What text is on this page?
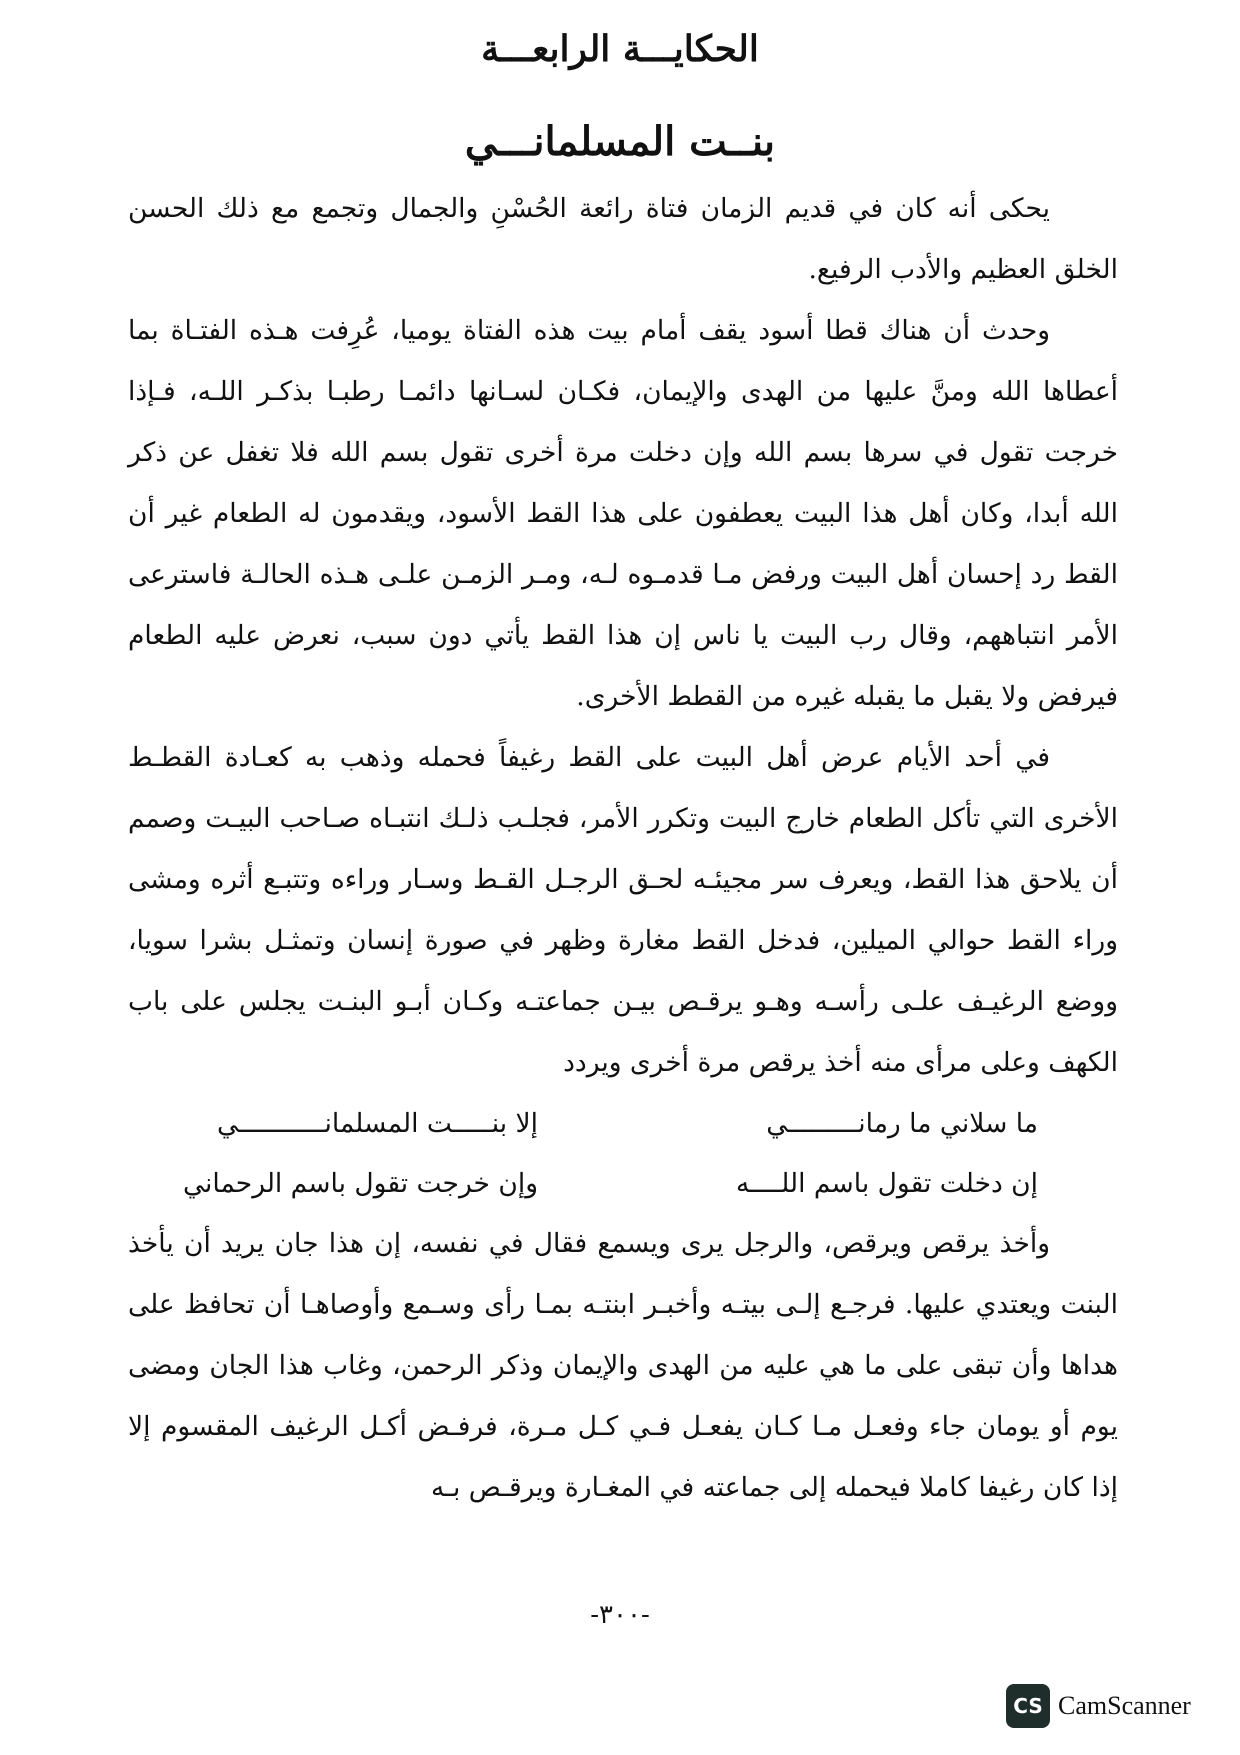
الحكايـــة الرابعـــة
بنــت المسلمانـــي

يحكى أنه كان في قديم الزمان فتاة رائعة الحُسْنِ والجمال وتجمع مع ذلك الحسن الخلق العظيم والأدب الرفيع.

وحدث أن هناك قطا أسود يقف أمام بيت هذه الفتاة يوميا، عُرِفت هـذه الفتـاة بما أعطاها الله ومنَّ عليها من الهدى والإيمان، فكـان لسـانها دائمـا رطبـا بذكـر اللـه، فـإذا خرجت تقول في سرها بسم الله وإن دخلت مرة أخرى تقول بسم الله فلا تغفل عن ذكر الله أبدا، وكان أهل هذا البيت يعطفون على هذا القط الأسود، ويقدمون له الطعام غير أن القط رد إحسان أهل البيت ورفض مـا قدمـوه لـه، ومـر الزمـن علـى هـذه الحالـة فاسترعى الأمر انتباههم، وقال رب البيت يا ناس إن هذا القط يأتي دون سبب، نعرض عليه الطعام فيرفض ولا يقبل ما يقبله غيره من القطط الأخرى.

في أحد الأيام عرض أهل البيت على القط رغيفاً فحمله وذهب به كعـادة القطـط الأخرى التي تأكل الطعام خارج البيت وتكرر الأمر، فجلـب ذلـك انتبـاه صـاحب البيـت وصمم أن يلاحق هذا القط، ويعرف سر مجيئـه لحـق الرجـل القـط وسـار وراءه وتتبـع أثره ومشى وراء القط حوالي الميلين، فدخل القط مغارة وظهر في صورة إنسان وتمثـل بشرا سويا، ووضع الرغيـف علـى رأسـه وهـو يرقـص بيـن جماعتـه وكـان أبـو البنـت يجلس على باب الكهف وعلى مرأى منه أخذ يرقص مرة أخرى ويردد

ما سلاني ما رمانـــــــــي
إلا بنـــــت المسلمانـــــــــــي
إن دخلت تقول باسم اللــــه
وإن خرجت تقول باسم الرحماني

وأخذ يرقص ويرقص، والرجل يرى ويسمع فقال في نفسه، إن هذا جان يريد أن يأخذ البنت ويعتدي عليها. فرجـع إلـى بيتـه وأخبـر ابنتـه بمـا رأى وسـمع وأوصاهـا أن تحافظ على هداها وأن تبقى على ما هي عليه من الهدى والإيمان وذكر الرحمن، وغاب هذا الجان ومضى يوم أو يومان جاء وفعـل مـا كـان يفعـل فـي كـل مـرة، فرفـض أكـل الرغيف المقسوم إلا إذا كان رغيفا كاملا فيحمله إلى جماعته في المغـارة ويرقـص بـه

-٣٠٠-
CS CamScanner
